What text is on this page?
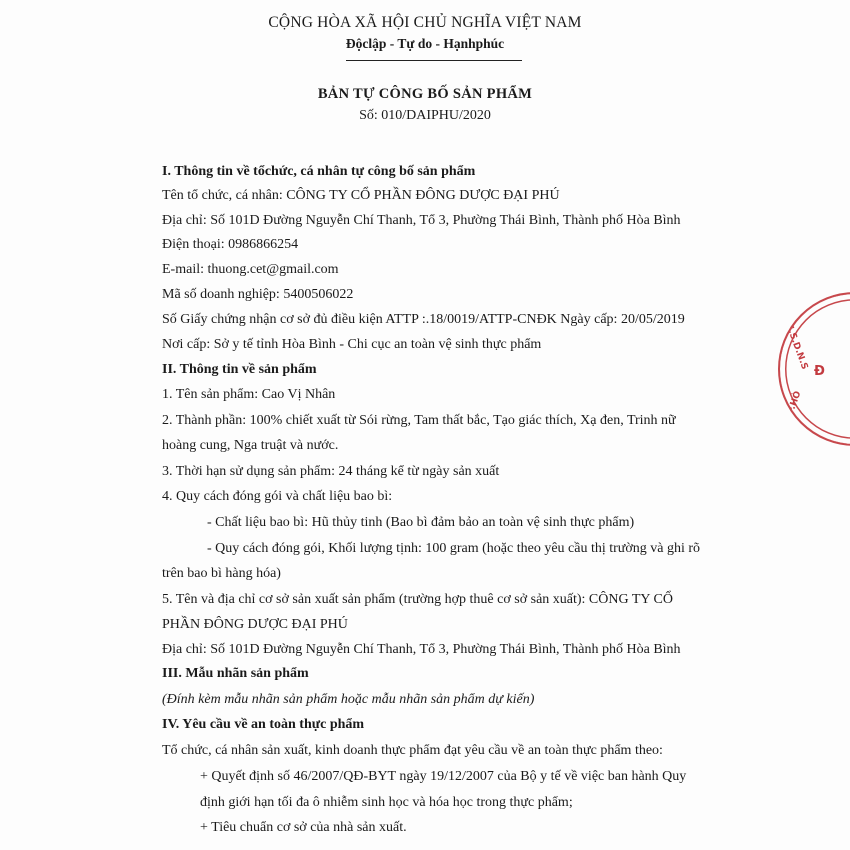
CỘNG HÒA XÃ HỘI CHỦ NGHĨA VIỆT NAM
Độclập - Tự do - Hạnhphúc
BẢN TỰ CÔNG BỐ SẢN PHẨM
Số: 010/DAIPHU/2020
I. Thông tin về tổchức, cá nhân tự công bố sản phẩm
Tên tổ chức, cá nhân: CÔNG TY CỔ PHẦN ĐÔNG DƯỢC ĐẠI PHÚ
Địa chỉ: Số 101D Đường Nguyễn Chí Thanh, Tổ 3, Phường Thái Bình, Thành phố Hòa Bình
Điện thoại: 0986866254
E-mail: thuong.cet@gmail.com
Mã số doanh nghiệp: 5400506022
Số Giấy chứng nhận cơ sở đủ điều kiện ATTP :.18/0019/ATTP-CNĐK Ngày cấp: 20/05/2019
Nơi cấp: Sở y tế tỉnh Hòa Bình - Chi cục an toàn vệ sinh thực phẩm
II. Thông tin về sản phẩm
1. Tên sản phẩm: Cao Vị Nhân
2. Thành phần: 100% chiết xuất từ Sói rừng, Tam thất bắc, Tạo giác thích, Xạ đen, Trinh nữ
hoàng cung, Nga truật và nước.
3. Thời hạn sử dụng sản phẩm: 24 tháng kể từ ngày sản xuất
4. Quy cách đóng gói và chất liệu bao bì:
- Chất liệu bao bì: Hũ thủy tinh (Bao bì đảm bảo an toàn vệ sinh thực phẩm)
- Quy cách đóng gói, Khối lượng tịnh: 100 gram (hoặc theo yêu cầu thị trường và ghi rõ
trên bao bì hàng hóa)
5. Tên và địa chỉ cơ sở sản xuất sản phẩm (trường hợp thuê cơ sở sản xuất): CÔNG TY CỔ
PHẦN ĐÔNG DƯỢC ĐẠI PHÚ
Địa chỉ: Số 101D Đường Nguyễn Chí Thanh, Tổ 3, Phường Thái Bình, Thành phố Hòa Bình
III. Mẫu nhãn sản phẩm
(Đính kèm mẫu nhãn sản phẩm hoặc mẫu nhãn sản phẩm dự kiến)
IV. Yêu cầu về an toàn thực phẩm
Tổ chức, cá nhân sản xuất, kinh doanh thực phẩm đạt yêu cầu về an toàn thực phẩm theo:
+ Quyết định số 46/2007/QĐ-BYT ngày 19/12/2007 của Bộ y tế về việc ban hành Quy
định giới hạn tối đa ô nhiễm sinh học và hóa học trong thực phẩm;
+ Tiêu chuẩn cơ sở của nhà sản xuất.
M.S.D.N.S
Đ
P.HÒ
